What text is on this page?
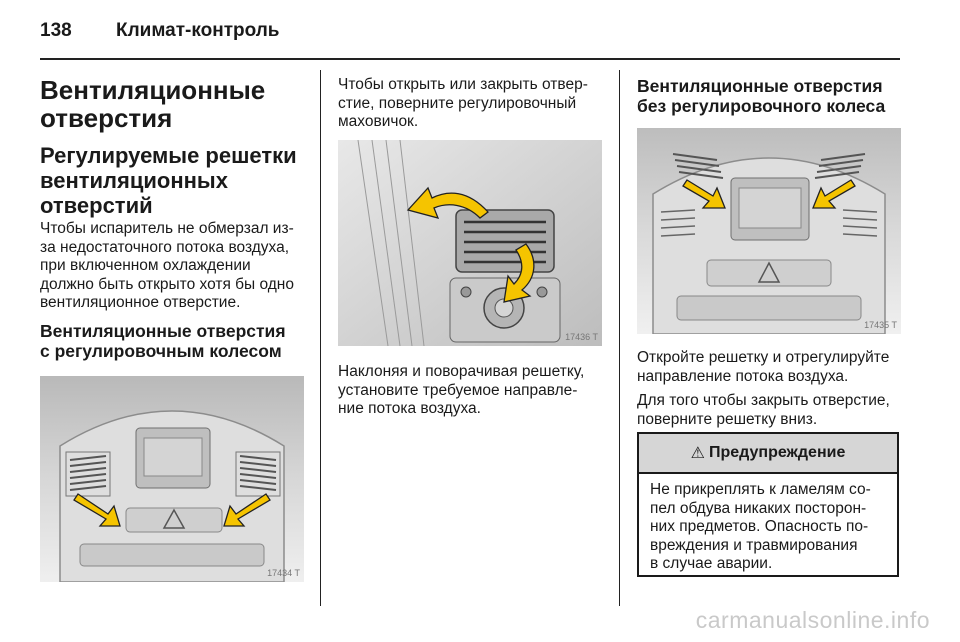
138 Климат-контроль
Вентиляционные
отверстия
Регулируемые решетки
вентиляционных
отверстий
Чтобы испаритель не обмерзал из-
за недостаточного потока воздуха,
при включенном охлаждении
должно быть открыто хотя бы одно
вентиляционное отверстие.
Вентиляционные отверстия
с регулировочным колесом
17434 T
Чтобы открыть или закрыть отвер-
стие, поверните регулировочный
маховичок.
17436 T
Наклоняя и поворачивая решетку,
установите требуемое направле-
ние потока воздуха.
Вентиляционные отверстия
без регулировочного колеса
17435 T
Откройте решетку и отрегулируйте
направление потока воздуха.
Для того чтобы закрыть отверстие,
поверните решетку вниз.
⚠ Предупреждение
Не прикреплять к ламелям со-
пел обдува никаких посторон-
них предметов. Опасность по-
вреждения и травмирования
в случае аварии.
carmanualsonline.info
